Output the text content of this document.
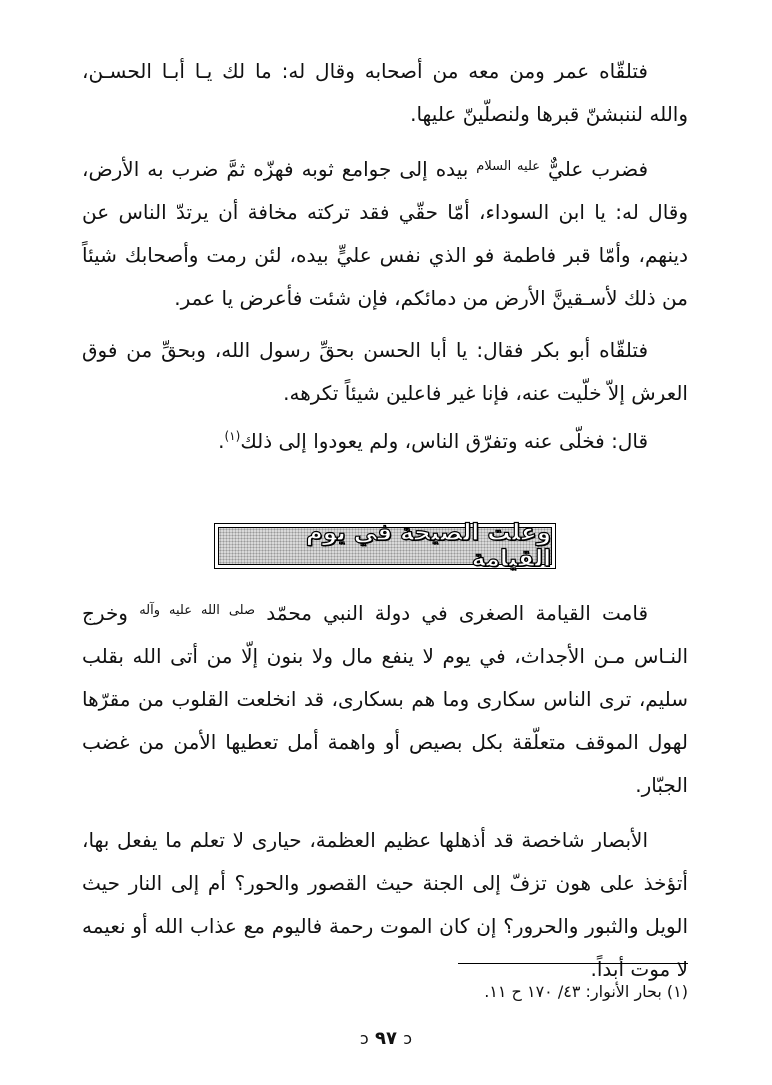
فتلقّاه عمر ومن معه من أصحابه وقال له: ما لك يـا أبـا الحسـن، والله لننبشنّ قبرها ولنصلّينّ عليها.

فضرب عليٌّ $^{عليه السلام}$ بيده إلى جوامع ثوبه فهزّه ثمَّ ضرب به الأرض، وقال له: يا ابن السوداء، أمّا حقّي فقد تركته مخافة أن يرتدّ الناس عن دينهم، وأمّا قبر فاطمة فو الذي نفس عليٍّ بيده، لئن رمت وأصحابك شيئاً من ذلك لأسـقينَّ الأرض من دمائكم، فإن شئت فأعرض يا عمر.

فتلقّاه أبو بكر فقال: يا أبا الحسن بحقِّ رسول الله، وبحقِّ من فوق العرش إلاّ خلّيت عنه، فإنا غير فاعلين شيئاً تكرهه.

قال: فخلّى عنه وتفرّق الناس، ولم يعودوا إلى ذلك$^{(١)}$.

وعلت الصيحة في يوم القيامة

قامت القيامة الصغرى في دولة النبي محمّد $^{صلى الله عليه وآله}$ وخرج النـاس مـن الأجداث، في يوم لا ينفع مال ولا بنون إلّا من أتى الله بقلب سليم، ترى الناس سكارى وما هم بسكارى، قد انخلعت القلوب من مقرّها لهول الموقف متعلّقة بكل بصيص أو واهمة أمل تعطيها الأمن من غضب الجبّار.

الأبصار شاخصة قد أذهلها عظيم العظمة، حيارى لا تعلم ما يفعل بها، أتؤخذ على هون تزفّ إلى الجنة حيث القصور والحور؟ أم إلى النار حيث الويل والثبور والحرور؟ إن كان الموت رحمة فاليوم مع عذاب الله أو نعيمه لا موت أبداً.

(١) بحار الأنوار: ٤٣/ ١٧٠ ح ١١.

ↄ ٩٧ ↄ
